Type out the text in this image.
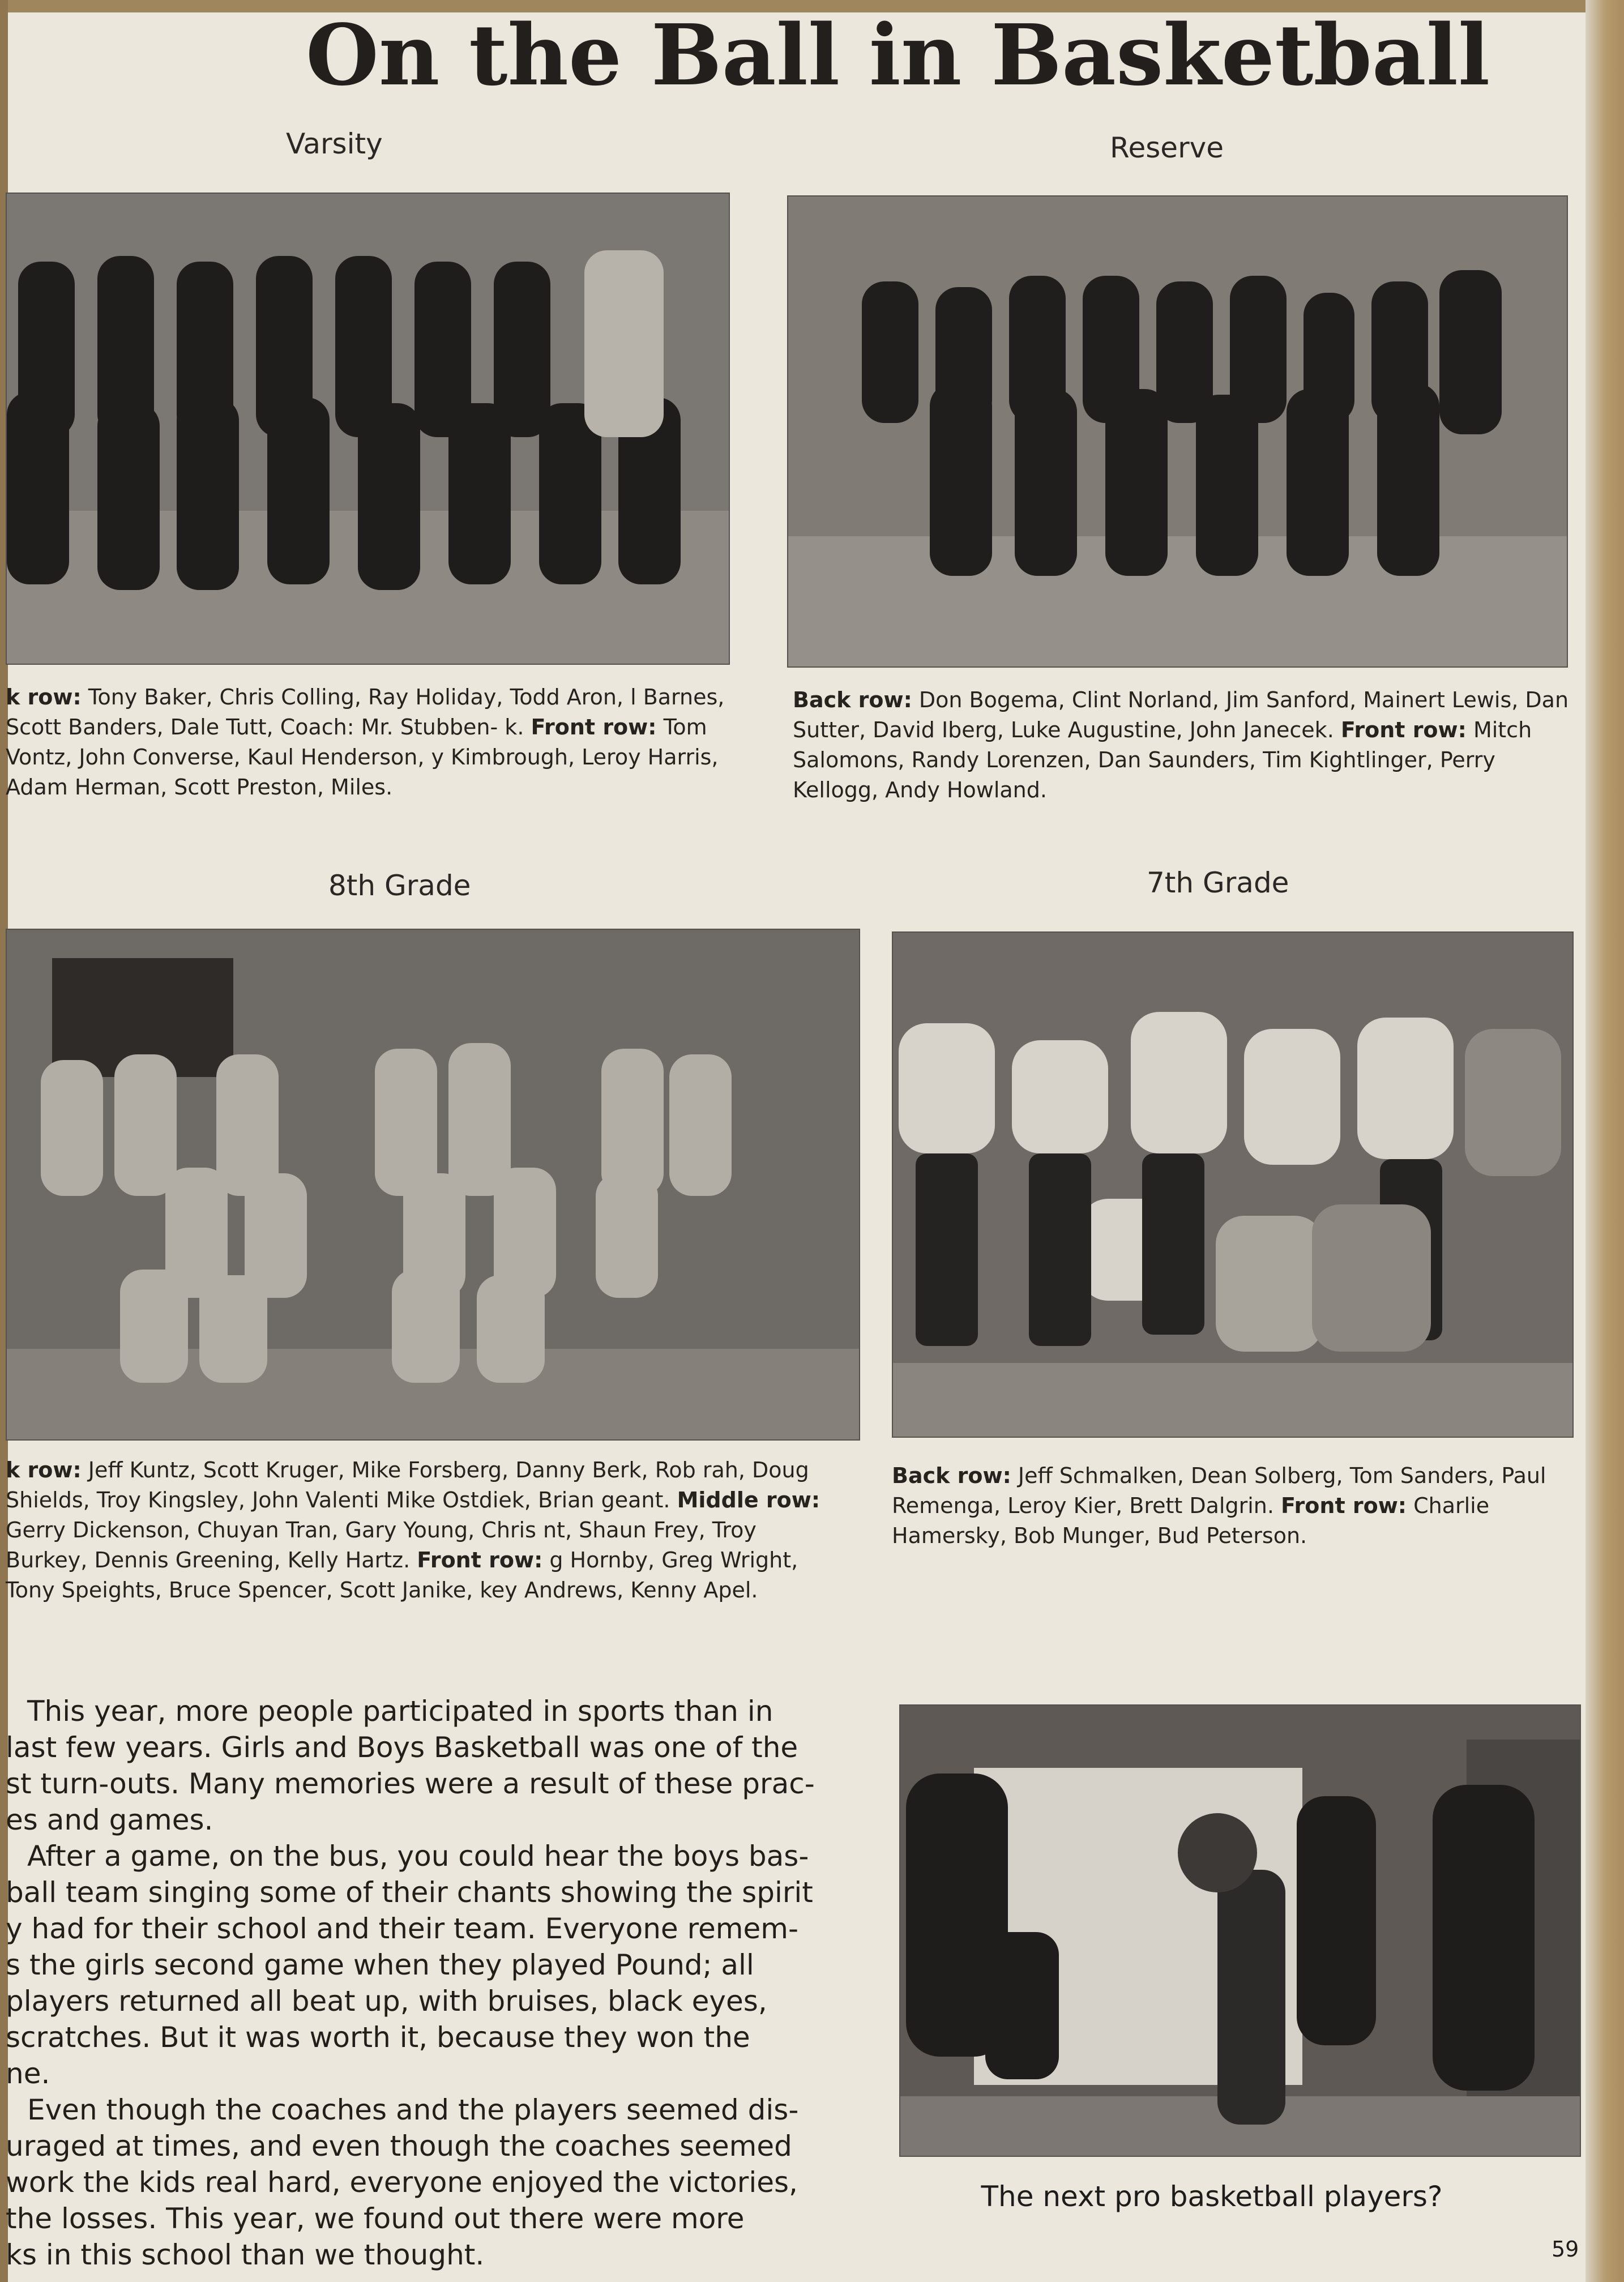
On the Ball in Basketball
Varsity

k row: Tony Baker, Chris Colling, Ray Holiday, Todd Aron, l Barnes, Scott Banders, Dale Tutt, Coach: Mr. Stubben- k. Front row: Tom Vontz, John Converse, Kaul Henderson, y Kimbrough, Leroy Harris, Adam Herman, Scott Preston, Miles.

Reserve

Back row: Don Bogema, Clint Norland, Jim Sanford, Mainert Lewis, Dan Sutter, David Iberg, Luke Augustine, John Janecek. Front row: Mitch Salomons, Randy Lorenzen, Dan Saunders, Tim Kightlinger, Perry Kellogg, Andy Howland.

8th Grade

k row: Jeff Kuntz, Scott Kruger, Mike Forsberg, Danny Berk, Rob rah, Doug Shields, Troy Kingsley, John Valenti Mike Ostdiek, Brian geant. Middle row: Gerry Dickenson, Chuyan Tran, Gary Young, Chris nt, Shaun Frey, Troy Burkey, Dennis Greening, Kelly Hartz. Front row: g Hornby, Greg Wright, Tony Speights, Bruce Spencer, Scott Janike, key Andrews, Kenny Apel.

7th Grade

Back row: Jeff Schmalken, Dean Solberg, Tom Sanders, Paul Remenga, Leroy Kier, Brett Dalgrin. Front row: Charlie Hamersky, Bob Munger, Bud Peterson.

This year, more people participated in sports than in

last few years. Girls and Boys Basketball was one of the

st turn-outs. Many memories were a result of these prac-

es and games.

After a game, on the bus, you could hear the boys bas-

ball team singing some of their chants showing the spirit

y had for their school and their team. Everyone remem-

s the girls second game when they played Pound; all

players returned all beat up, with bruises, black eyes,

scratches. But it was worth it, because they won the

ne.

Even though the coaches and the players seemed dis-

uraged at times, and even though the coaches seemed

work the kids real hard, everyone enjoyed the victories,

the losses. This year, we found out there were more

ks in this school than we thought.

The next pro basketball players?
59
